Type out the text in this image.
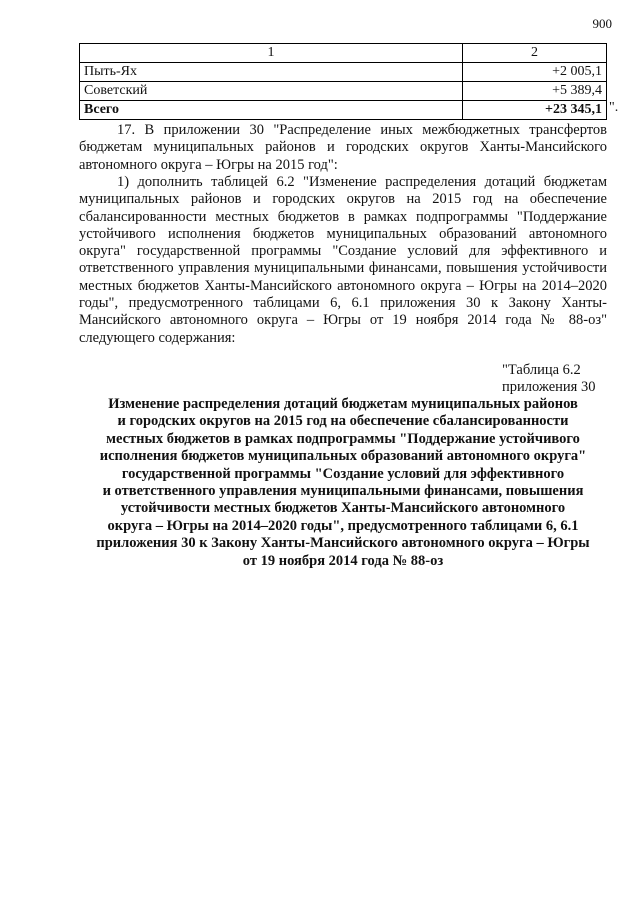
900
1	2
Пыть-Ях	+2 005,1
Советский	+5 389,4
Всего	+23 345,1 ".
17. В приложении 30 "Распределение иных межбюджетных трансфертов бюджетам муниципальных районов и городских округов Ханты-Мансийского автономного округа – Югры на 2015 год":
1) дополнить таблицей 6.2 "Изменение распределения дотаций бюджетам муниципальных районов и городских округов на 2015 год на обеспечение сбалансированности местных бюджетов в рамках подпрограммы "Поддержание устойчивого исполнения бюджетов муниципальных образований автономного округа" государственной программы "Создание условий для эффективного и ответственного управления муниципальными финансами, повышения устойчивости местных бюджетов Ханты-Мансийского автономного округа – Югры на 2014–2020 годы", предусмотренного таблицами 6, 6.1 приложения 30 к Закону Ханты-Мансийского автономного округа – Югры от 19 ноября 2014 года № 88-оз" следующего содержания:
"Таблица 6.2
приложения 30
Изменение распределения дотаций бюджетам муниципальных районов
и городских округов на 2015 год на обеспечение сбалансированности
местных бюджетов в рамках подпрограммы "Поддержание устойчивого
исполнения бюджетов муниципальных образований автономного округа"
государственной программы "Создание условий для эффективного
и ответственного управления муниципальными финансами, повышения
устойчивости местных бюджетов Ханты-Мансийского автономного
округа – Югры на 2014–2020 годы", предусмотренного таблицами 6, 6.1
приложения 30 к Закону Ханты-Мансийского автономного округа – Югры
от 19 ноября 2014 года № 88-оз
